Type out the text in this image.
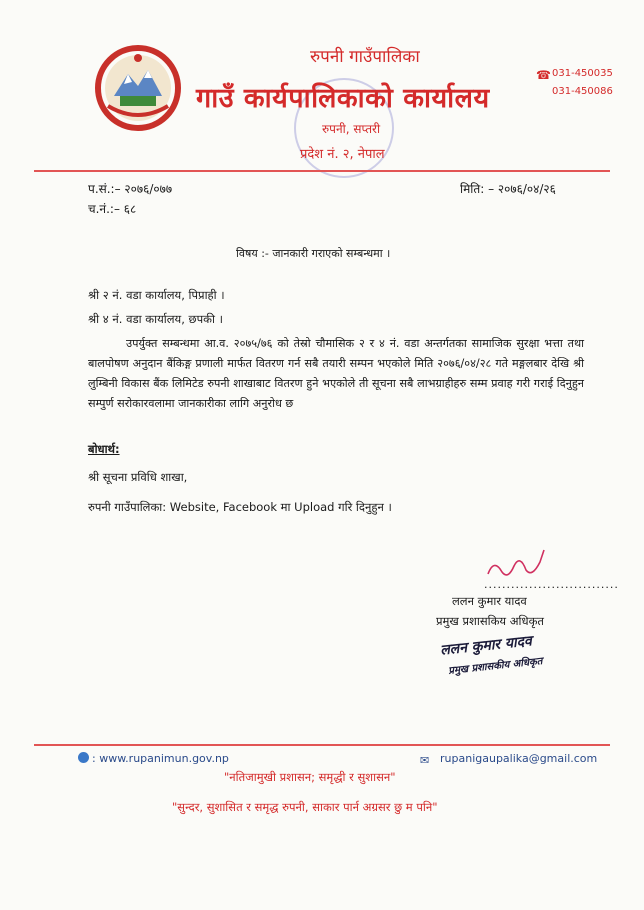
रुपनी गाउँपालिका
गाउँ कार्यपालिकाको कार्यालय
रुपनी, सप्तरी
प्रदेश नं. २, नेपाल
☎ 031-450035
031-450086
प.सं.:– २०७६/०७७
च.नं.:– ६८
मिति: – २०७६/०४/२६
विषय :- जानकारी गराएको सम्बन्धमा ।
श्री २ नं. वडा कार्यालय, पिप्राही ।
श्री ४ नं. वडा कार्यालय, छपकी ।
उपर्युक्त सम्बन्धमा आ.व. २०७५/७६ को तेस्रो चौमासिक २ र ४ नं. वडा अन्तर्गतका सामाजिक सुरक्षा भत्ता तथा बालपोषण अनुदान बैंकिङ्ग प्रणाली मार्फत वितरण गर्न सबै तयारी सम्पन भएकोले मिति २०७६/०४/२८ गते मङ्गलबार देखि श्री लुम्बिनी विकास बैंक लिमिटेड रुपनी शाखाबाट वितरण हुने भएकोले ती सूचना सबै लाभग्राहीहरु सम्म प्रवाह गरी गराई दिनुहुन सम्पुर्ण सरोकारवलामा जानकारीका लागि अनुरोध छ
बोधार्थ:
श्री सूचना प्रविधि शाखा,
रुपनी गाउँपालिका: Website, Facebook मा Upload गरि दिनुहुन ।
..............................
ललन कुमार यादव
प्रमुख प्रशासकिय अधिकृत
ललन कुमार यादव
प्रमुख प्रशासकीय अधिकृत
: www.rupanimun.gov.np	✉ rupanigaupalika@gmail.com
"नतिजामुखी प्रशासन; समृद्धी र सुशासन"
"सुन्दर, सुशासित र समृद्ध रुपनी, साकार पार्न अग्रसर छु म पनि"
